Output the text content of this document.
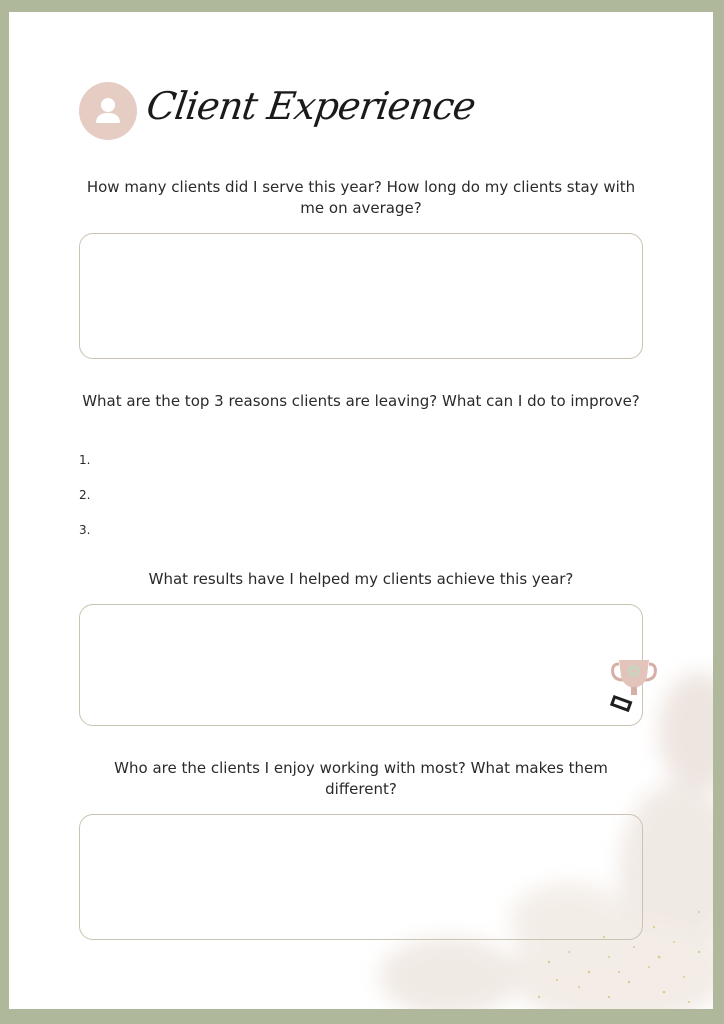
Client Experience
How many clients did I serve this year? How long do my clients stay with me on average?
What are the top 3 reasons clients are leaving? What can I do to improve?
1.
2.
3.
What results have I helped my clients achieve this year?
Who are the clients I enjoy working with most? What makes them different?
